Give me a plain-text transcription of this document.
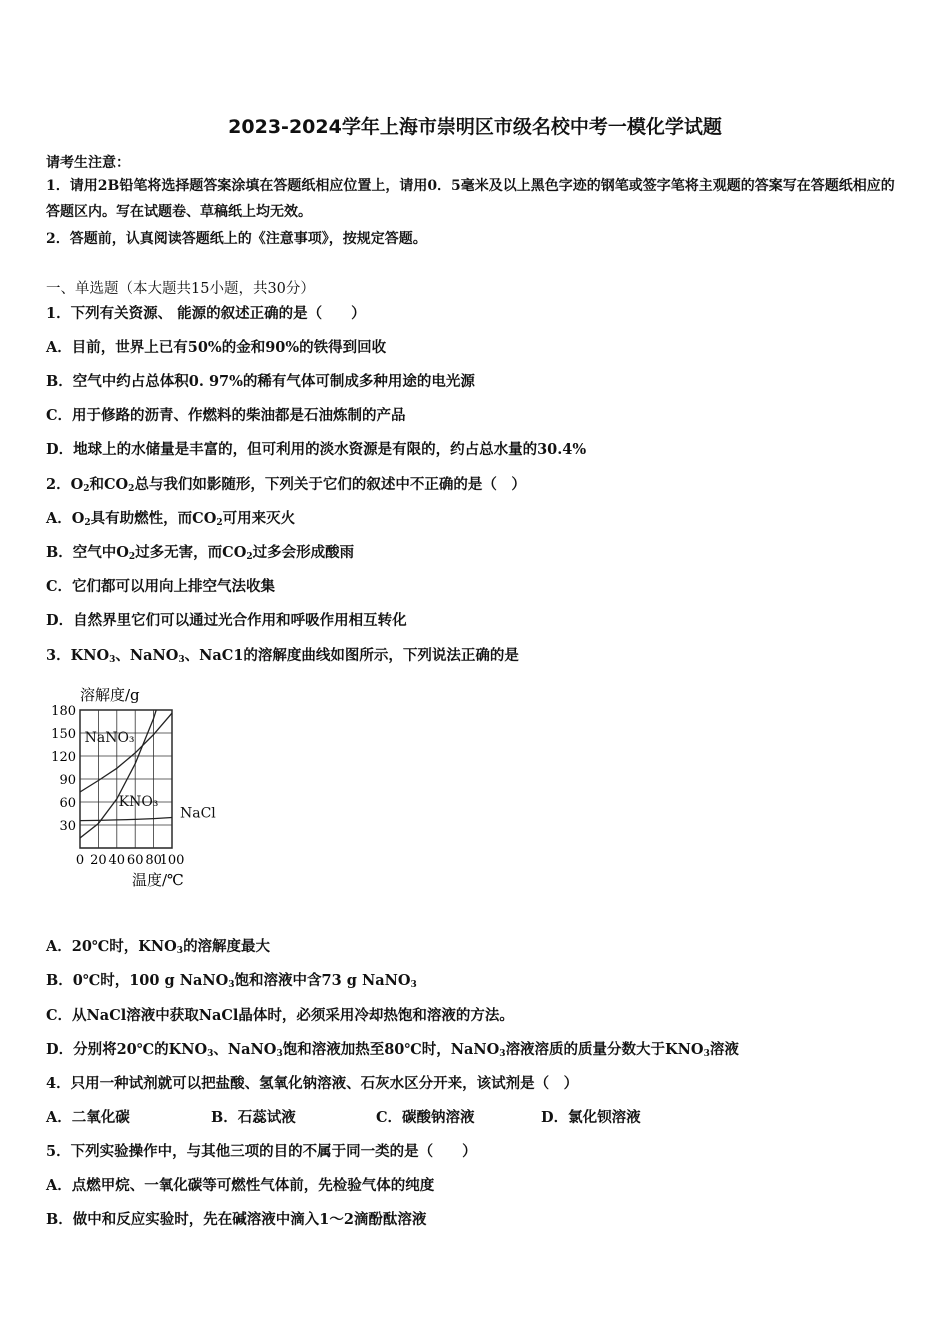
2023-2024学年上海市崇明区市级名校中考一模化学试题
请考生注意：
1．请用2B铅笔将选择题答案涂填在答题纸相应位置上，请用0．5毫米及以上黑色字迹的钢笔或签字笔将主观题的答案写在答题纸相应的答题区内。写在试题卷、草稿纸上均无效。
2．答题前，认真阅读答题纸上的《注意事项》，按规定答题。
一、单选题（本大题共15小题，共30分）
1．下列有关资源、 能源的叙述正确的是（　　）
A．目前，世界上已有50%的金和90%的铁得到回收
B．空气中约占总体积0. 97%的稀有气体可制成多种用途的电光源
C．用于修路的沥青、作燃料的柴油都是石油炼制的产品
D．地球上的水储量是丰富的，但可利用的淡水资源是有限的，约占总水量的30.4%
2．$O_2$和$CO_2$总与我们如影随形，下列关于它们的叙述中不正确的是（　）
A．$O_2$具有助燃性，而$CO_2$可用来灭火
B．空气中$O_2$过多无害，而$CO_2$过多会形成酸雨
C．它们都可以用向上排空气法收集
D．自然界里它们可以通过光合作用和呼吸作用相互转化
3．$KNO_3$、NaNO$_3$、NaC1的溶解度曲线如图所示，下列说法正确的是
溶解度/g
温度/℃
180
150
120
90
60
30
0 20 40 60 80
100
NaNO₃
KNO₃
NaCl
A．20℃时，$KNO_3$的溶解度最大
B．0℃时，100 g NaNO$_3$饱和溶液中含73 g NaNO$_3$
C．从NaCl溶液中获取NaCl晶体时，必须采用冷却热饱和溶液的方法。
D．分别将20℃的$KNO_3$、NaNO$_3$饱和溶液加热至80℃时，NaNO$_3$溶液溶质的质量分数大于$KNO_3$溶液
4．只用一种试剂就可以把盐酸、氢氧化钠溶液、石灰水区分开来，该试剂是（　）
A．二氧化碳	B．石蕊试液	C．碳酸钠溶液	D．氯化钡溶液
5．下列实验操作中，与其他三项的目的不属于同一类的是（　　）
A．点燃甲烷、一氧化碳等可燃性气体前，先检验气体的纯度
B．做中和反应实验时，先在碱溶液中滴入1～2滴酚酞溶液
